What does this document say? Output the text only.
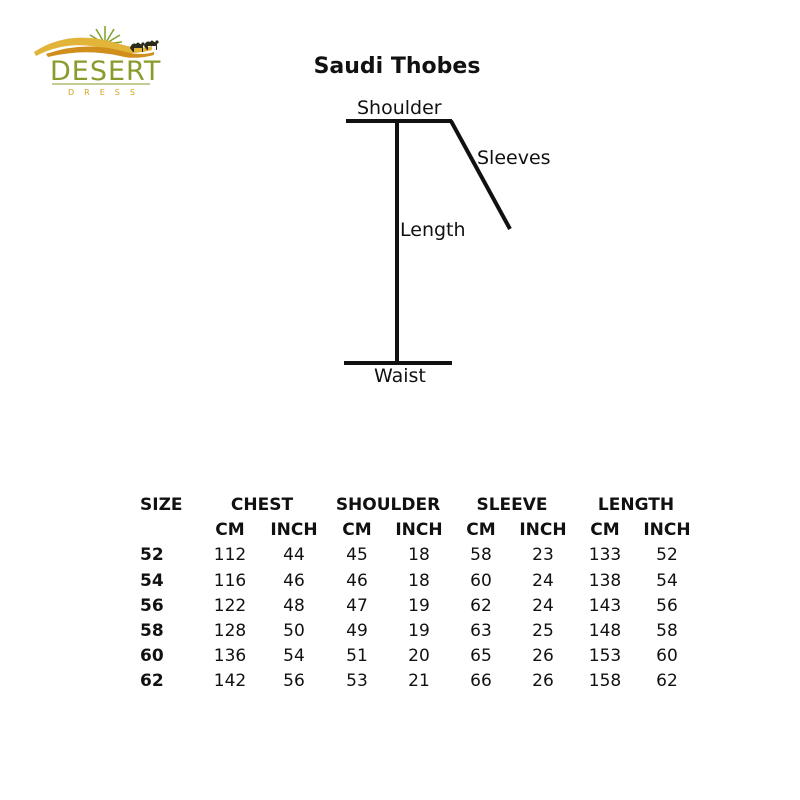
DESERT
DRESS
Saudi Thobes
Shoulder
Sleeves
Length
Waist
SIZE	CHEST		SHOULDER		SLEEVE		LENGTH	
	CM	INCH	CM	INCH	CM	INCH	CM	INCH
52	112	44	45	18	58	23	133	52
54	116	46	46	18	60	24	138	54
56	122	48	47	19	62	24	143	56
58	128	50	49	19	63	25	148	58
60	136	54	51	20	65	26	153	60
62	142	56	53	21	66	26	158	62
